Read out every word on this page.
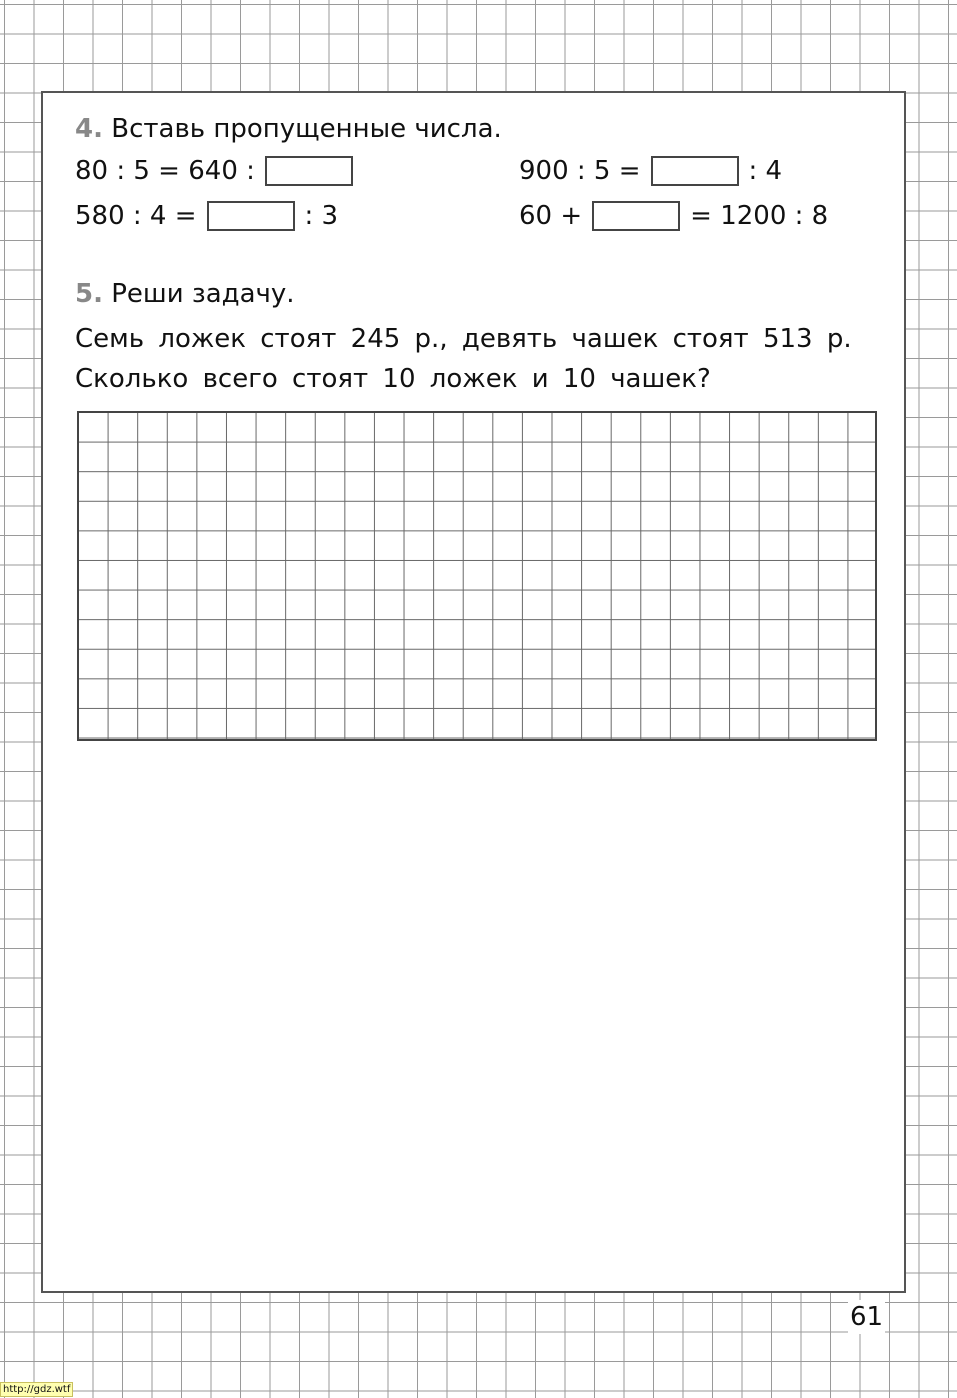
4. Вставь пропущенные числа.
80 : 5 = 640 :	900 : 5 =	: 4
580 : 4 =	: 3	60 +	= 1200 : 8
5. Реши задачу.
Семь ложек стоят 245 р., девять чашек стоят 513 р.
Сколько всего стоят 10 ложек и 10 чашек?
61
http://gdz.wtf
